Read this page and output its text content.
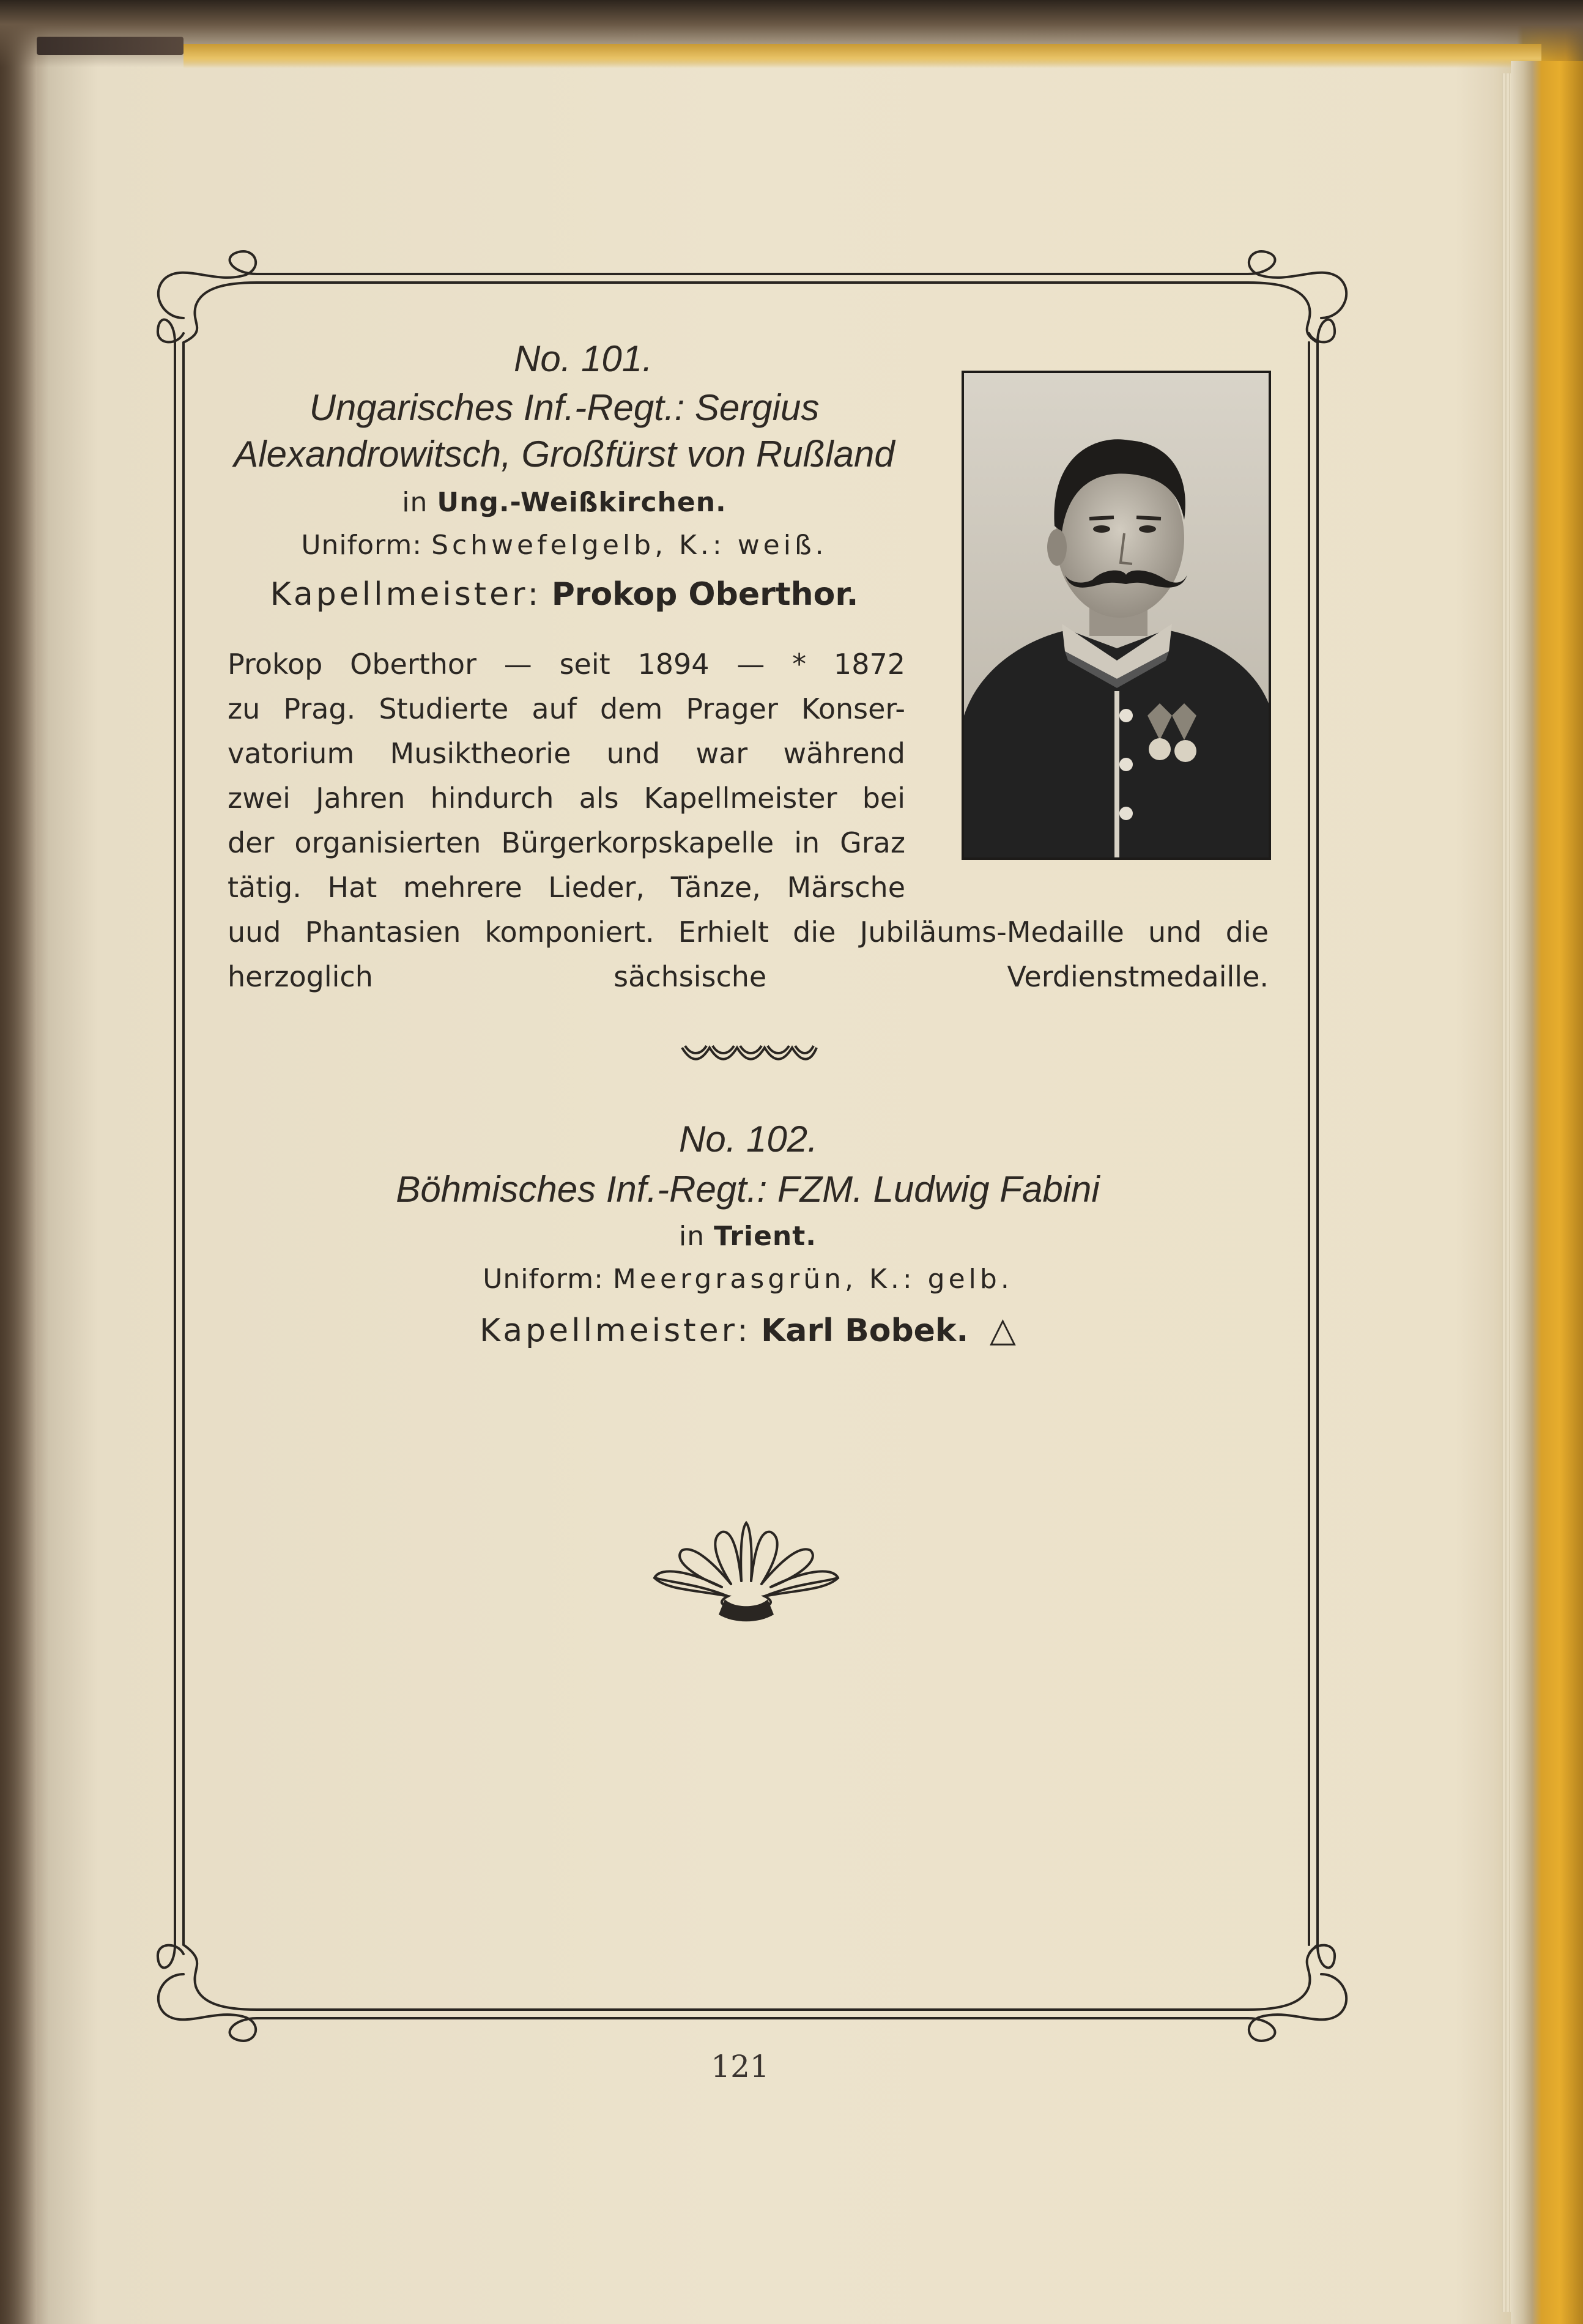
No. 101.
Ungarisches Inf.-Regt.: Sergius
Alexandrowitsch, Großfürst von Rußland
in Ung.-Weißkirchen.
Uniform: Schwefelgelb, K.: weiß.
Kapellmeister: Prokop Oberthor.
Prokop Oberthor — seit 1894 — * 1872
zu Prag. Studierte auf dem Prager Konser-
vatorium Musiktheorie und war während
zwei Jahren hindurch als Kapellmeister bei
der organisierten Bürgerkorpskapelle in Graz
tätig. Hat mehrere Lieder, Tänze, Märsche
uud Phantasien komponiert. Erhielt die Jubiläums-Medaille und die
herzoglich sächsische Verdienstmedaille.
No. 102.
Böhmisches Inf.-Regt.: FZM. Ludwig Fabini
in Trient.
Uniform: Meergrasgrün, K.: gelb.
Kapellmeister: Karl Bobek. △
121
